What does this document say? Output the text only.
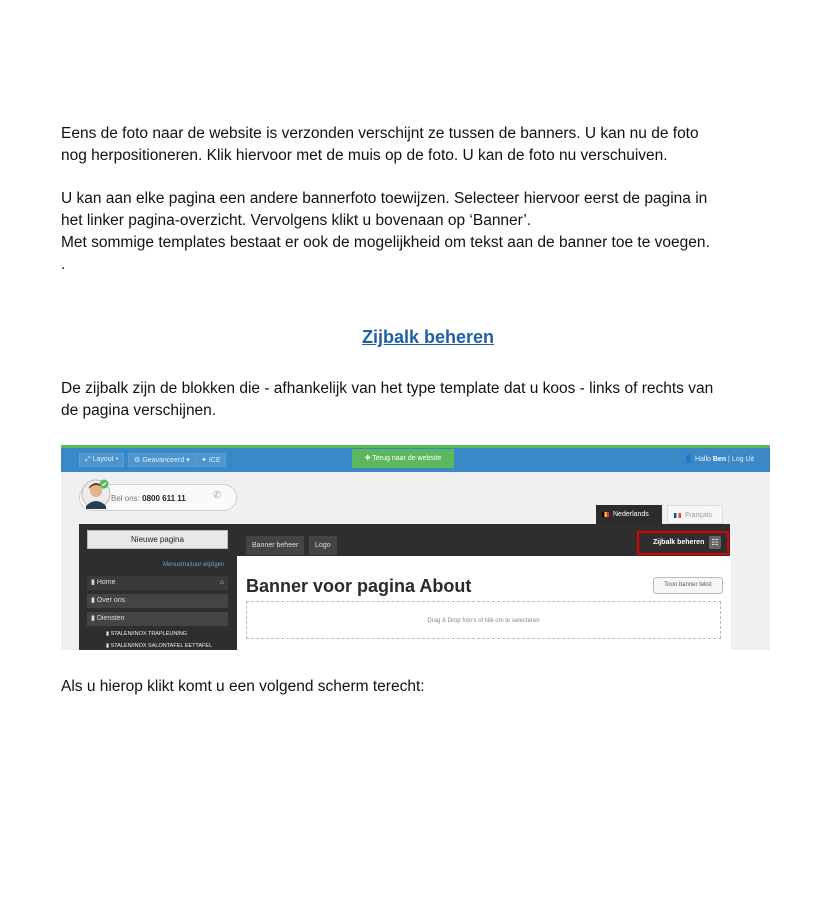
Eens de foto naar de website is verzonden verschijnt ze tussen de banners. U kan nu de foto

nog herpositioneren. Klik hiervoor met de muis op de foto. U kan de foto nu verschuiven.

U kan aan elke pagina een andere bannerfoto toewijzen. Selecteer hiervoor eerst de pagina in

het linker pagina-overzicht. Vervolgens klikt u bovenaan op ‘Banner’.

Met sommige templates bestaat er ook de mogelijkheid om tekst aan de banner toe te voegen.

.

Zijbalk beheren

De zijbalk zijn de blokken die - afhankelijk van het type template dat u koos - links of rechts van

de pagina verschijnen.

⤢ Layout ▾	⚙ Geavanceerd ▾	✦ ICE	✚ Terug naar de website	👤 Hallo Ben | Log Uit
Bel ons: 0800 611 11	✆
Nederlands	Français
Nieuwe pagina
Menustructuur wijzigen
▮ Home	⌂
▮ Over ons
▮ Diensten
▮ STALEN/INOX TRAPLEUNING
▮ STALEN/INOX SALONTAFEL EETTAFEL
Banner beheer	Logo	Zijbalk beheren ☷
Banner voor pagina About	Toon banner tekst
Drag & Drop foto's of klik om te selecteren

Als u hierop klikt komt u een volgend scherm terecht:
